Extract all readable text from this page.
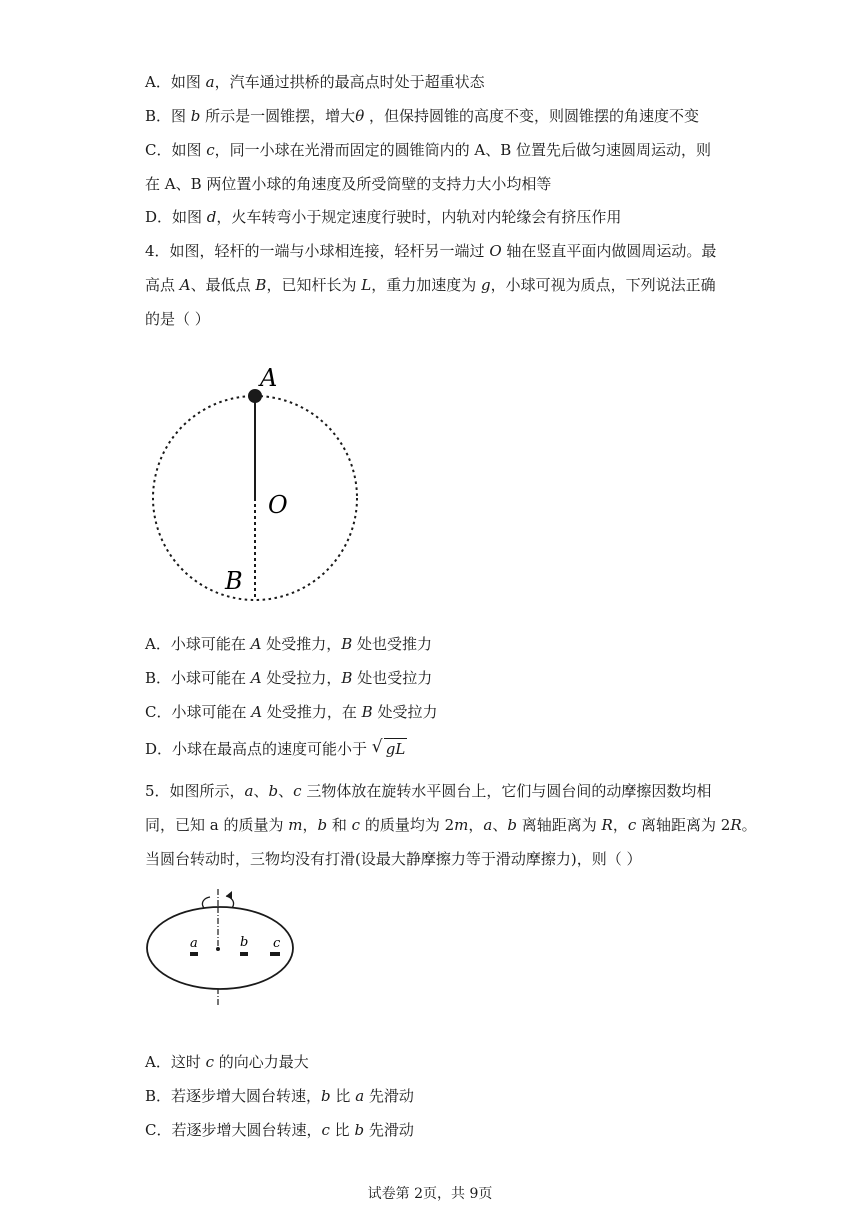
A．如图 a，汽车通过拱桥的最高点时处于超重状态
B．图 b 所示是一圆锥摆，增大θ ，但保持圆锥的高度不变，则圆锥摆的角速度不变
C．如图 c，同一小球在光滑而固定的圆锥筒内的 A、B 位置先后做匀速圆周运动，则
在 A、B 两位置小球的角速度及所受筒壁的支持力大小均相等
D．如图 d，火车转弯小于规定速度行驶时，内轨对内轮缘会有挤压作用
4．如图，轻杆的一端与小球相连接，轻杆另一端过 O 轴在竖直平面内做圆周运动。最
高点 A、最低点 B，已知杆长为 L，重力加速度为 g，小球可视为质点，下列说法正确
的是（ ）
A
O
B
A．小球可能在 A 处受推力，B 处也受推力
B．小球可能在 A 处受拉力，B 处也受拉力
C．小球可能在 A 处受推力，在 B 处受拉力
D．小球在最高点的速度可能小于 √ gL
5．如图所示，a、b、c 三物体放在旋转水平圆台上，它们与圆台间的动摩擦因数均相
同，已知 a 的质量为 m，b 和 c 的质量均为 2m，a、b 离轴距离为 R，c 离轴距离为 2R。
当圆台转动时，三物均没有打滑(设最大静摩擦力等于滑动摩擦力)，则（ ）
a	b c
A．这时 c 的向心力最大
B．若逐步增大圆台转速，b 比 a 先滑动
C．若逐步增大圆台转速，c 比 b 先滑动
试卷第 2页，共 9页
